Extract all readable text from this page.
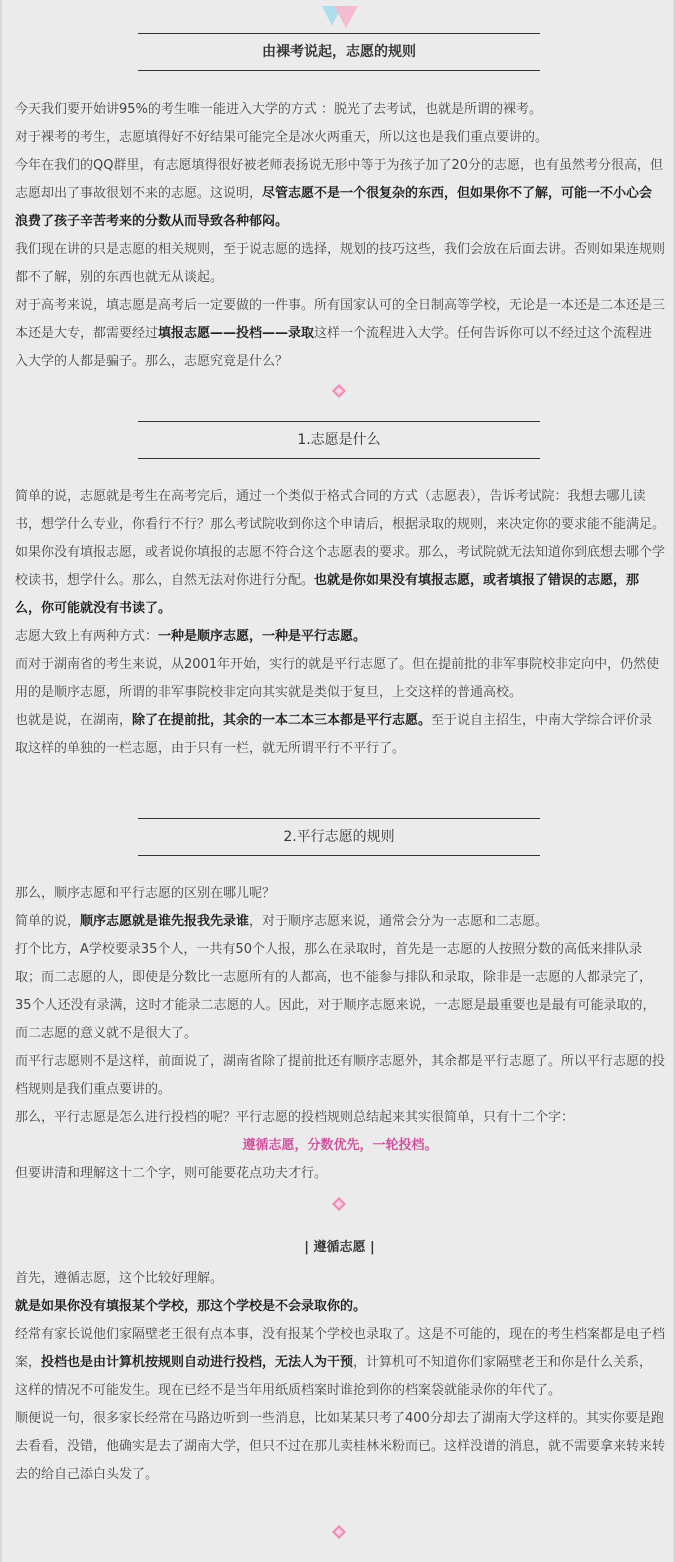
由裸考说起，志愿的规则

今天我们要开始讲95%的考生唯一能进入大学的方式 ：脱光了去考试，也就是所谓的裸考。

对于裸考的考生，志愿填得好不好结果可能完全是冰火两重天，所以这也是我们重点要讲的。

今年在我们的QQ群里，有志愿填得很好被老师表扬说无形中等于为孩子加了20分的志愿，也有虽然考分很高，但志愿却出了事故很划不来的志愿。这说明，尽管志愿不是一个很复杂的东西，但如果你不了解，可能一不小心会浪费了孩子辛苦考来的分数从而导致各种郁闷。

我们现在讲的只是志愿的相关规则，至于说志愿的选择，规划的技巧这些，我们会放在后面去讲。否则如果连规则都不了解，别的东西也就无从谈起。

对于高考来说，填志愿是高考后一定要做的一件事。所有国家认可的全日制高等学校，无论是一本还是二本还是三本还是大专，都需要经过填报志愿——投档——录取这样一个流程进入大学。任何告诉你可以不经过这个流程进入大学的人都是骗子。那么，志愿究竟是什么？

1.志愿是什么

简单的说，志愿就是考生在高考完后，通过一个类似于格式合同的方式（志愿表），告诉考试院：我想去哪儿读书，想学什么专业，你看行不行？那么考试院收到你这个申请后，根据录取的规则，来决定你的要求能不能满足。

如果你没有填报志愿，或者说你填报的志愿不符合这个志愿表的要求。那么，考试院就无法知道你到底想去哪个学校读书，想学什么。那么，自然无法对你进行分配。也就是你如果没有填报志愿，或者填报了错误的志愿，那么，你可能就没有书读了。

志愿大致上有两种方式：一种是顺序志愿，一种是平行志愿。

而对于湖南省的考生来说，从2001年开始，实行的就是平行志愿了。但在提前批的非军事院校非定向中，仍然使用的是顺序志愿，所谓的非军事院校非定向其实就是类似于复旦，上交这样的普通高校。

也就是说，在湖南，除了在提前批，其余的一本二本三本都是平行志愿。至于说自主招生，中南大学综合评价录取这样的单独的一栏志愿，由于只有一栏，就无所谓平行不平行了。

2.平行志愿的规则

那么，顺序志愿和平行志愿的区别在哪儿呢？

简单的说，顺序志愿就是谁先报我先录谁，对于顺序志愿来说，通常会分为一志愿和二志愿。

打个比方，A学校要录35个人，一共有50个人报，那么在录取时，首先是一志愿的人按照分数的高低来排队录取；而二志愿的人，即使是分数比一志愿所有的人都高，也不能参与排队和录取，除非是一志愿的人都录完了，35个人还没有录满，这时才能录二志愿的人。因此，对于顺序志愿来说，一志愿是最重要也是最有可能录取的，而二志愿的意义就不是很大了。

而平行志愿则不是这样，前面说了，湖南省除了提前批还有顺序志愿外，其余都是平行志愿了。所以平行志愿的投档规则是我们重点要讲的。

那么，平行志愿是怎么进行投档的呢？平行志愿的投档规则总结起来其实很简单，只有十二个字：

遵循志愿，分数优先，一轮投档。

但要讲清和理解这十二个字，则可能要花点功夫才行。

| 遵循志愿 |

首先，遵循志愿，这个比较好理解。

就是如果你没有填报某个学校，那这个学校是不会录取你的。

经常有家长说他们家隔壁老王很有点本事，没有报某个学校也录取了。这是不可能的，现在的考生档案都是电子档案，投档也是由计算机按规则自动进行投档，无法人为干预，计算机可不知道你们家隔壁老王和你是什么关系，这样的情况不可能发生。现在已经不是当年用纸质档案时谁抢到你的档案袋就能录你的年代了。

顺便说一句，很多家长经常在马路边听到一些消息，比如某某只考了400分却去了湖南大学这样的。其实你要是跑去看看，没错，他确实是去了湖南大学，但只不过在那儿卖桂林米粉而已。这样没谱的消息，就不需要拿来转来转去的给自己添白头发了。
